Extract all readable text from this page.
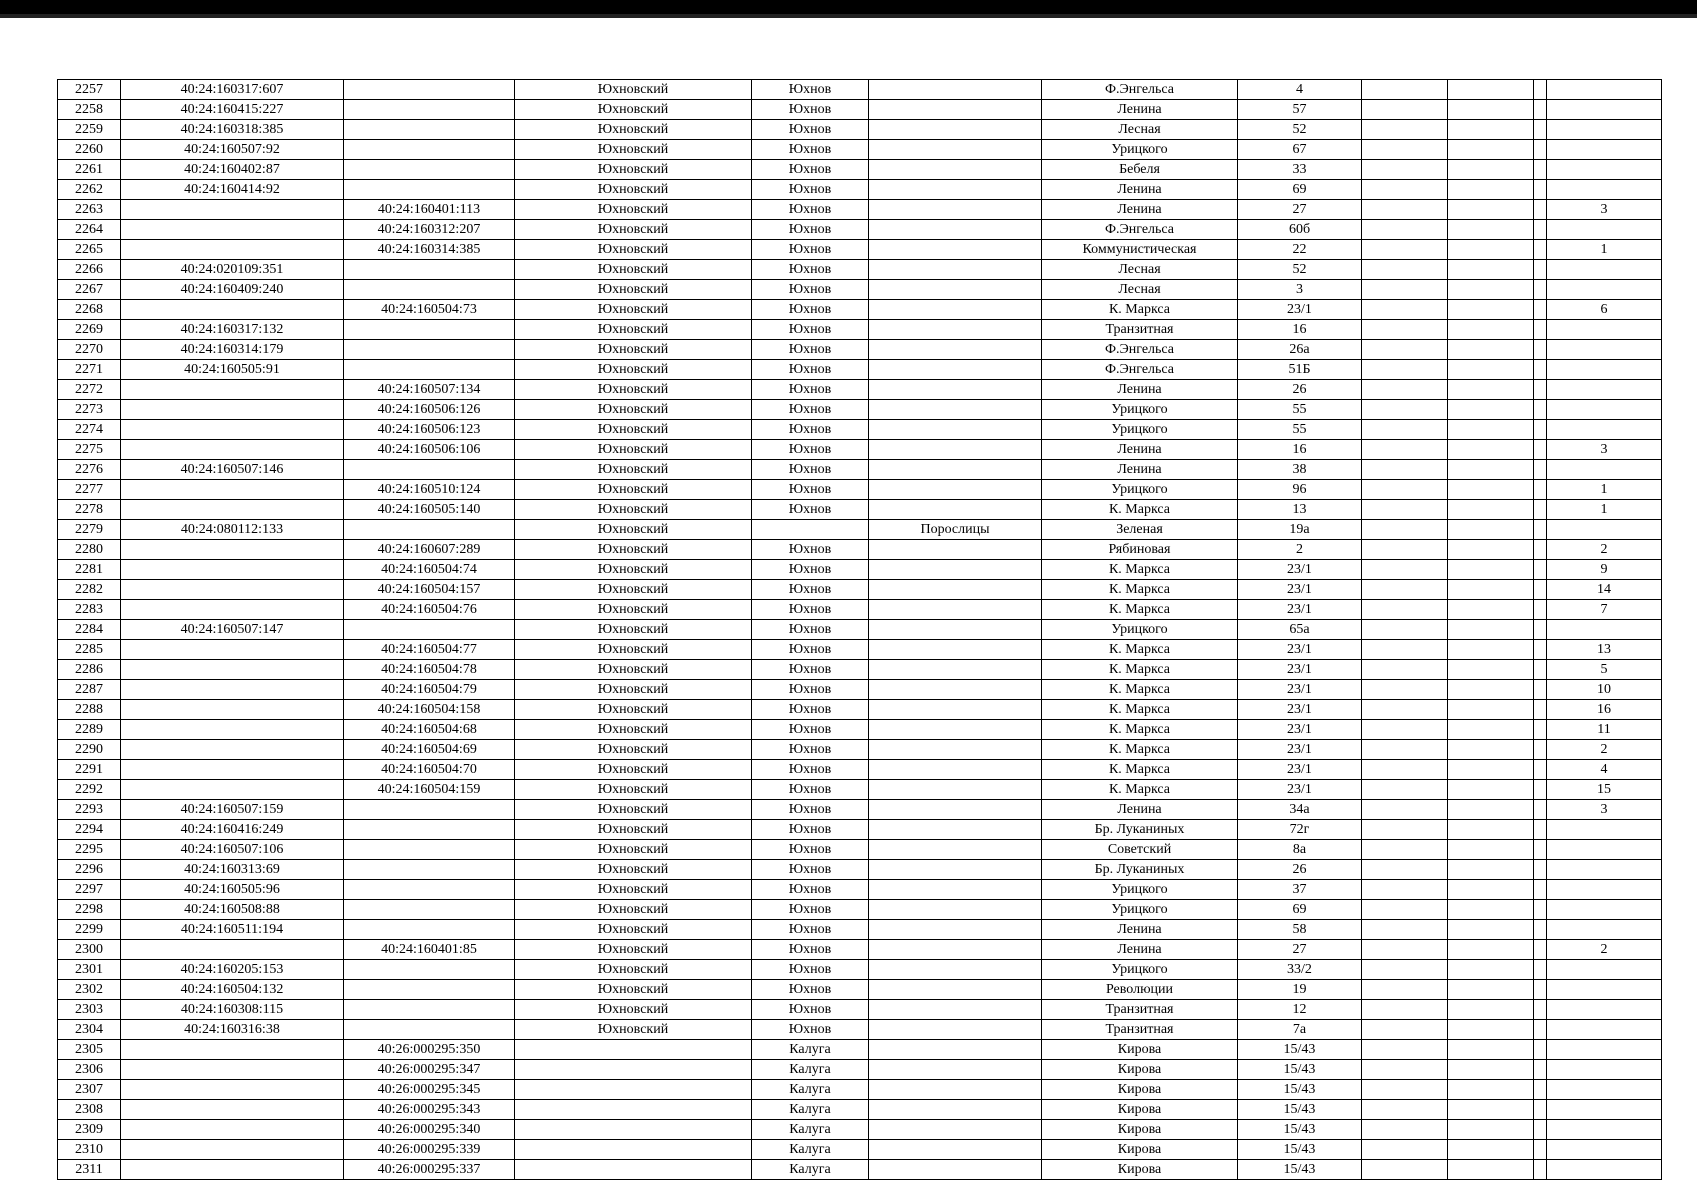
2257	40:24:160317:607		Юхновский	Юхнов		Ф.Энгельса	4				
2258	40:24:160415:227		Юхновский	Юхнов		Ленина	57				
2259	40:24:160318:385		Юхновский	Юхнов		Лесная	52				
2260	40:24:160507:92		Юхновский	Юхнов		Урицкого	67				
2261	40:24:160402:87		Юхновский	Юхнов		Бебеля	33				
2262	40:24:160414:92		Юхновский	Юхнов		Ленина	69				
2263		40:24:160401:113	Юхновский	Юхнов		Ленина	27				3
2264		40:24:160312:207	Юхновский	Юхнов		Ф.Энгельса	60б				
2265		40:24:160314:385	Юхновский	Юхнов		Коммунистическая	22				1
2266	40:24:020109:351		Юхновский	Юхнов		Лесная	52				
2267	40:24:160409:240		Юхновский	Юхнов		Лесная	3				
2268		40:24:160504:73	Юхновский	Юхнов		К. Маркса	23/1				6
2269	40:24:160317:132		Юхновский	Юхнов		Транзитная	16				
2270	40:24:160314:179		Юхновский	Юхнов		Ф.Энгельса	26а				
2271	40:24:160505:91		Юхновский	Юхнов		Ф.Энгельса	51Б				
2272		40:24:160507:134	Юхновский	Юхнов		Ленина	26				
2273		40:24:160506:126	Юхновский	Юхнов		Урицкого	55				
2274		40:24:160506:123	Юхновский	Юхнов		Урицкого	55				
2275		40:24:160506:106	Юхновский	Юхнов		Ленина	16				3
2276	40:24:160507:146		Юхновский	Юхнов		Ленина	38				
2277		40:24:160510:124	Юхновский	Юхнов		Урицкого	96				1
2278		40:24:160505:140	Юхновский	Юхнов		К. Маркса	13				1
2279	40:24:080112:133		Юхновский		Порослицы	Зеленая	19а				
2280		40:24:160607:289	Юхновский	Юхнов		Рябиновая	2				2
2281		40:24:160504:74	Юхновский	Юхнов		К. Маркса	23/1				9
2282		40:24:160504:157	Юхновский	Юхнов		К. Маркса	23/1				14
2283		40:24:160504:76	Юхновский	Юхнов		К. Маркса	23/1				7
2284	40:24:160507:147		Юхновский	Юхнов		Урицкого	65а				
2285		40:24:160504:77	Юхновский	Юхнов		К. Маркса	23/1				13
2286		40:24:160504:78	Юхновский	Юхнов		К. Маркса	23/1				5
2287		40:24:160504:79	Юхновский	Юхнов		К. Маркса	23/1				10
2288		40:24:160504:158	Юхновский	Юхнов		К. Маркса	23/1				16
2289		40:24:160504:68	Юхновский	Юхнов		К. Маркса	23/1				11
2290		40:24:160504:69	Юхновский	Юхнов		К. Маркса	23/1				2
2291		40:24:160504:70	Юхновский	Юхнов		К. Маркса	23/1				4
2292		40:24:160504:159	Юхновский	Юхнов		К. Маркса	23/1				15
2293	40:24:160507:159		Юхновский	Юхнов		Ленина	34а				3
2294	40:24:160416:249		Юхновский	Юхнов		Бр. Луканиных	72г				
2295	40:24:160507:106		Юхновский	Юхнов		Советский	8а				
2296	40:24:160313:69		Юхновский	Юхнов		Бр. Луканиных	26				
2297	40:24:160505:96		Юхновский	Юхнов		Урицкого	37				
2298	40:24:160508:88		Юхновский	Юхнов		Урицкого	69				
2299	40:24:160511:194		Юхновский	Юхнов		Ленина	58				
2300		40:24:160401:85	Юхновский	Юхнов		Ленина	27				2
2301	40:24:160205:153		Юхновский	Юхнов		Урицкого	33/2				
2302	40:24:160504:132		Юхновский	Юхнов		Революции	19				
2303	40:24:160308:115		Юхновский	Юхнов		Транзитная	12				
2304	40:24:160316:38		Юхновский	Юхнов		Транзитная	7а				
2305		40:26:000295:350		Калуга		Кирова	15/43				
2306		40:26:000295:347		Калуга		Кирова	15/43				
2307		40:26:000295:345		Калуга		Кирова	15/43				
2308		40:26:000295:343		Калуга		Кирова	15/43				
2309		40:26:000295:340		Калуга		Кирова	15/43				
2310		40:26:000295:339		Калуга		Кирова	15/43				
2311		40:26:000295:337		Калуга		Кирова	15/43				
